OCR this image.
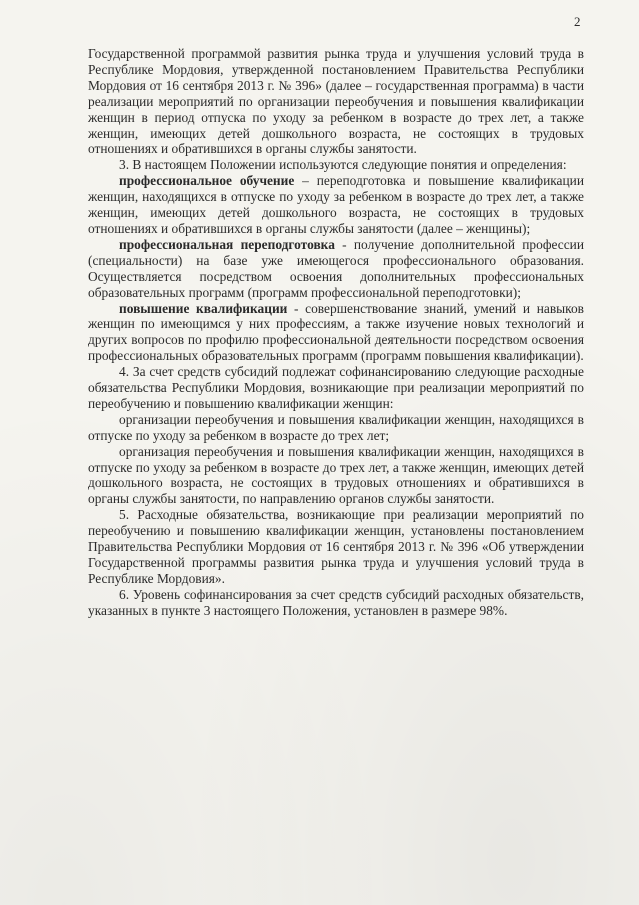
2

Государственной программой развития рынка труда и улучшения условий труда в Республике Мордовия, утвержденной постановлением Правительства Республики Мордовия от 16 сентября 2013 г. № 396» (далее – государственная программа) в части реализации мероприятий по организации переобучения и повышения квалификации женщин в период отпуска по уходу за ребенком в возрасте до трех лет, а также женщин, имеющих детей дошкольного возраста, не состоящих в трудовых отношениях и обратившихся в органы службы занятости.

3. В настоящем Положении используются следующие понятия и определения:

профессиональное обучение – переподготовка и повышение квалификации женщин, находящихся в отпуске по уходу за ребенком в возрасте до трех лет, а также женщин, имеющих детей дошкольного возраста, не состоящих в трудовых отношениях и обратившихся в органы службы занятости (далее – женщины);

профессиональная переподготовка - получение дополнительной профессии (специальности) на базе уже имеющегося профессионального образования. Осуществляется посредством освоения дополнительных профессиональных образовательных программ (программ профессиональной переподготовки);

повышение квалификации - совершенствование знаний, умений и навыков женщин по имеющимся у них профессиям, а также изучение новых технологий и других вопросов по профилю профессиональной деятельности посредством освоения профессиональных образовательных программ (программ повышения квалификации).

4. За счет средств субсидий подлежат софинансированию следующие расходные обязательства Республики Мордовия, возникающие при реализации мероприятий по переобучению и повышению квалификации женщин:

организации переобучения и повышения квалификации женщин, находящихся в отпуске по уходу за ребенком в возрасте до трех лет;

организация переобучения и повышения квалификации женщин, находящихся в отпуске по уходу за ребенком в возрасте до трех лет, а также женщин, имеющих детей дошкольного возраста, не состоящих в трудовых отношениях и обратившихся в органы службы занятости, по направлению органов службы занятости.

5. Расходные обязательства, возникающие при реализации мероприятий по переобучению и повышению квалификации женщин, установлены постановлением Правительства Республики Мордовия от 16 сентября 2013 г. № 396 «Об утверждении Государственной программы развития рынка труда и улучшения условий труда в Республике Мордовия».

6. Уровень софинансирования за счет средств субсидий расходных обязательств, указанных в пункте 3 настоящего Положения, установлен в размере 98%.
